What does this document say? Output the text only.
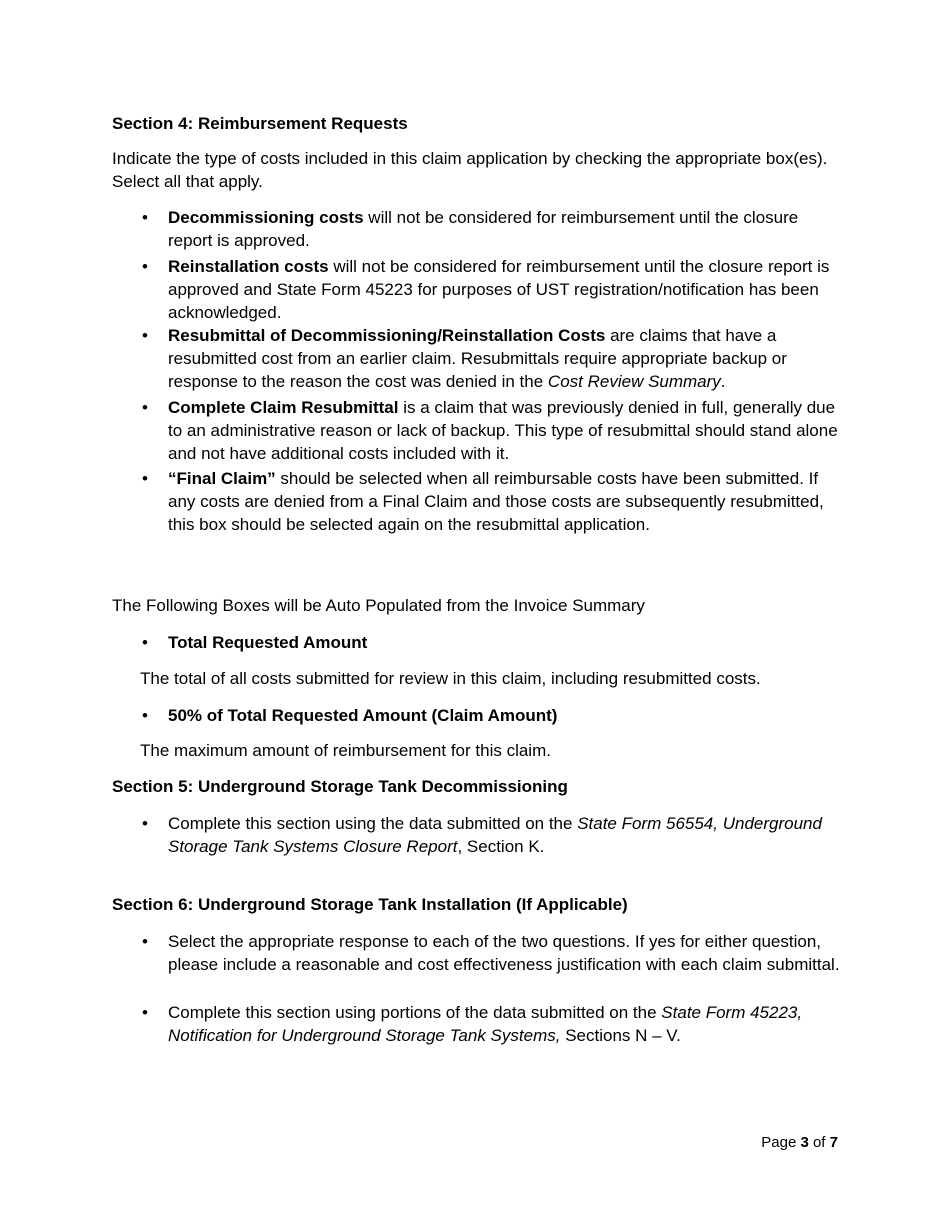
Section 4: Reimbursement Requests
Indicate the type of costs included in this claim application by checking the appropriate box(es). Select all that apply.
• Decommissioning costs will not be considered for reimbursement until the closure report is approved.
• Reinstallation costs will not be considered for reimbursement until the closure report is approved and State Form 45223 for purposes of UST registration/notification has been acknowledged.
• Resubmittal of Decommissioning/Reinstallation Costs are claims that have a resubmitted cost from an earlier claim. Resubmittals require appropriate backup or response to the reason the cost was denied in the Cost Review Summary.
• Complete Claim Resubmittal is a claim that was previously denied in full, generally due to an administrative reason or lack of backup. This type of resubmittal should stand alone and not have additional costs included with it.
• “Final Claim” should be selected when all reimbursable costs have been submitted. If any costs are denied from a Final Claim and those costs are subsequently resubmitted, this box should be selected again on the resubmittal application.
The Following Boxes will be Auto Populated from the Invoice Summary
• Total Requested Amount
The total of all costs submitted for review in this claim, including resubmitted costs.
• 50% of Total Requested Amount (Claim Amount)
The maximum amount of reimbursement for this claim.
Section 5: Underground Storage Tank Decommissioning
• Complete this section using the data submitted on the State Form 56554, Underground Storage Tank Systems Closure Report, Section K.
Section 6: Underground Storage Tank Installation (If Applicable)
• Select the appropriate response to each of the two questions. If yes for either question, please include a reasonable and cost effectiveness justification with each claim submittal.
• Complete this section using portions of the data submitted on the State Form 45223, Notification for Underground Storage Tank Systems, Sections N – V.
Page 3 of 7
